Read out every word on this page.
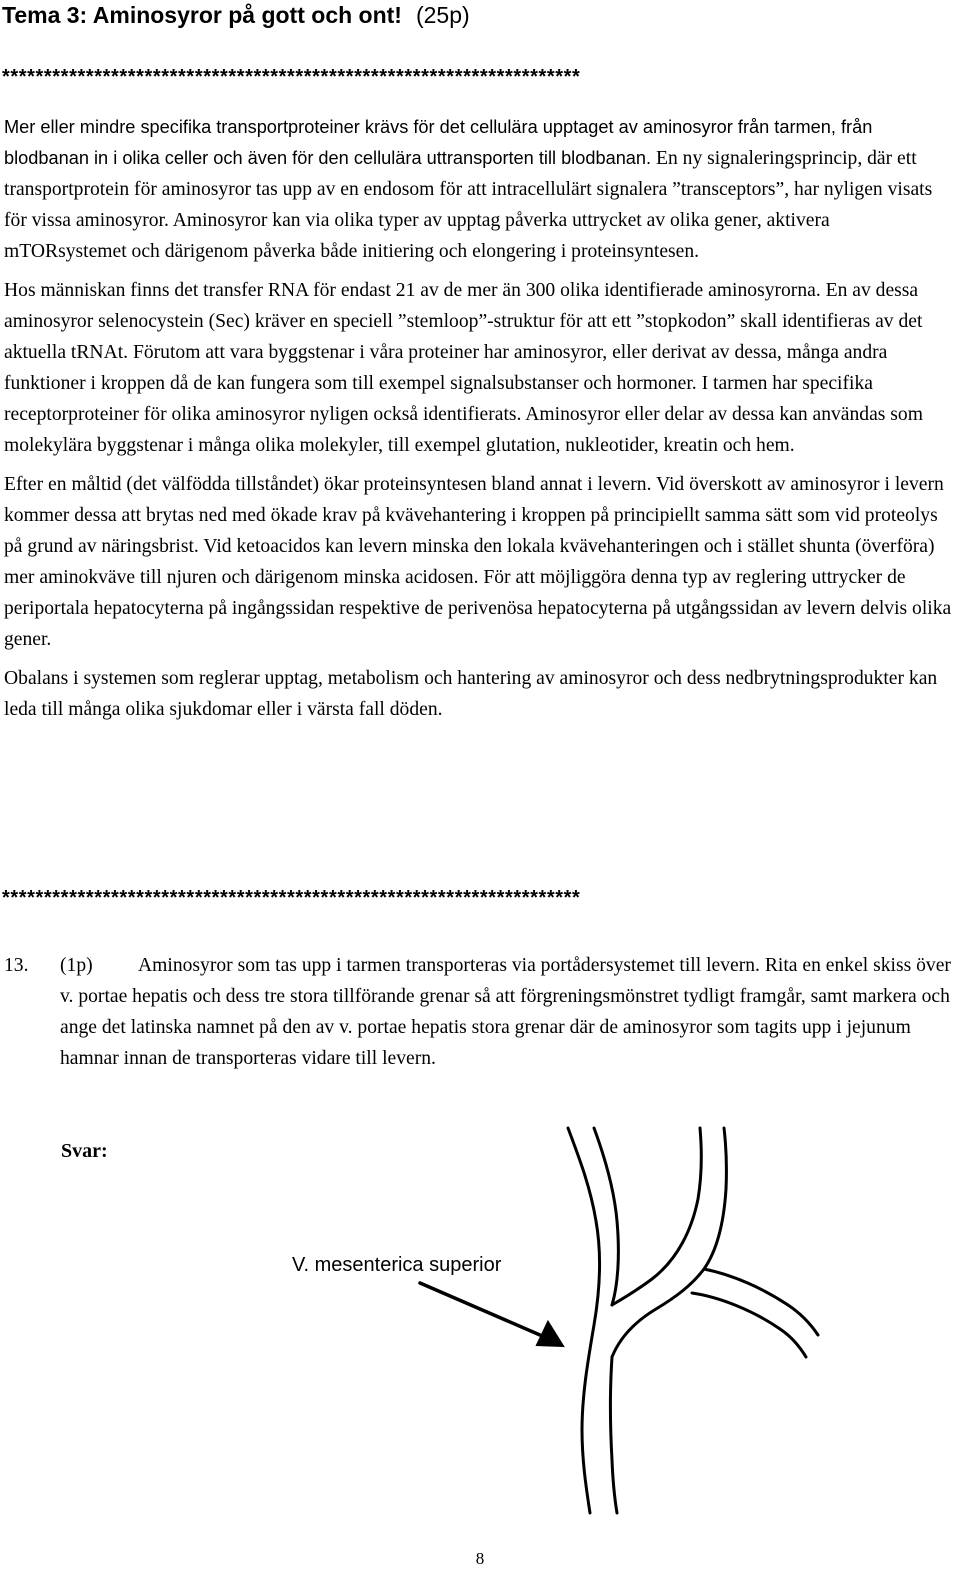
Tema 3: Aminosyror på gott och ont! (25p)
*********************************************************************

Mer eller mindre specifika transportproteiner krävs för det cellulära upptaget av aminosyror från tarmen, från blodbanan in i olika celler och även för den cellulära uttransporten till blodbanan. En ny signaleringsprincip, där ett transportprotein för aminosyror tas upp av en endosom för att intracellulärt signalera ”transceptors”, har nyligen visats för vissa aminosyror. Aminosyror kan via olika typer av upptag påverka uttrycket av olika gener, aktivera mTORsystemet och därigenom påverka både initiering och elongering i proteinsyntesen.

Hos människan finns det transfer RNA för endast 21 av de mer än 300 olika identifierade aminosyrorna. En av dessa aminosyror selenocystein (Sec) kräver en speciell ”stemloop”-struktur för att ett ”stopkodon” skall identifieras av det aktuella tRNAt. Förutom att vara byggstenar i våra proteiner har aminosyror, eller derivat av dessa, många andra funktioner i kroppen då de kan fungera som till exempel signalsubstanser och hormoner. I tarmen har specifika receptorproteiner för olika aminosyror nyligen också identifierats. Aminosyror eller delar av dessa kan användas som molekylära byggstenar i många olika molekyler, till exempel glutation, nukleotider, kreatin och hem.

Efter en måltid (det välfödda tillståndet) ökar proteinsyntesen bland annat i levern. Vid överskott av aminosyror i levern kommer dessa att brytas ned med ökade krav på kvävehantering i kroppen på principiellt samma sätt som vid proteolys på grund av näringsbrist. Vid ketoacidos kan levern minska den lokala kvävehanteringen och i stället shunta (överföra) mer aminokväve till njuren och därigenom minska acidosen. För att möjliggöra denna typ av reglering uttrycker de periportala hepatocyterna på ingångssidan respektive de perivenösa hepatocyterna på utgångssidan av levern delvis olika gener.

Obalans i systemen som reglerar upptag, metabolism och hantering av aminosyror och dess nedbrytningsprodukter kan leda till många olika sjukdomar eller i värsta fall döden.

*********************************************************************
13.	(1p) Aminosyror som tas upp i tarmen transporteras via portådersystemet till levern. Rita en enkel skiss över v. portae hepatis och dess tre stora tillförande grenar så att förgreningsmönstret tydligt framgår, samt markera och ange det latinska namnet på den av v. portae hepatis stora grenar där de aminosyror som tagits upp i jejunum hamnar innan de transporteras vidare till levern.
Svar:
V. mesenterica superior
8
